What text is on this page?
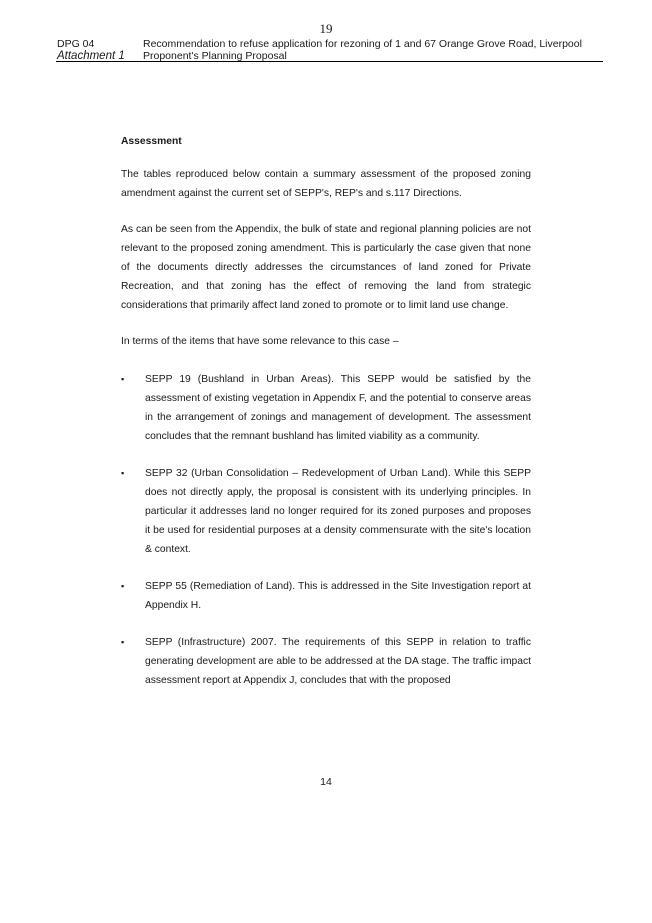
19
DPG 04
Attachment 1
Recommendation to refuse application for rezoning of 1 and 67 Orange Grove Road, Liverpool
Proponent's Planning Proposal
Assessment

The tables reproduced below contain a summary assessment of the proposed zoning amendment against the current set of SEPP's, REP's and s.117 Directions.

As can be seen from the Appendix, the bulk of state and regional planning policies are not relevant to the proposed zoning amendment. This is particularly the case given that none of the documents directly addresses the circumstances of land zoned for Private Recreation, and that zoning has the effect of removing the land from strategic considerations that primarily affect land zoned to promote or to limit land use change.

In terms of the items that have some relevance to this case –

▪ SEPP 19 (Bushland in Urban Areas). This SEPP would be satisfied by the assessment of existing vegetation in Appendix F, and the potential to conserve areas in the arrangement of zonings and management of development. The assessment concludes that the remnant bushland has limited viability as a community.
▪ SEPP 32 (Urban Consolidation – Redevelopment of Urban Land). While this SEPP does not directly apply, the proposal is consistent with its underlying principles. In particular it addresses land no longer required for its zoned purposes and proposes it be used for residential purposes at a density commensurate with the site's location & context.
▪ SEPP 55 (Remediation of Land). This is addressed in the Site Investigation report at Appendix H.
▪ SEPP (Infrastructure) 2007. The requirements of this SEPP in relation to traffic generating development are able to be addressed at the DA stage. The traffic impact assessment report at Appendix J, concludes that with the proposed
14
